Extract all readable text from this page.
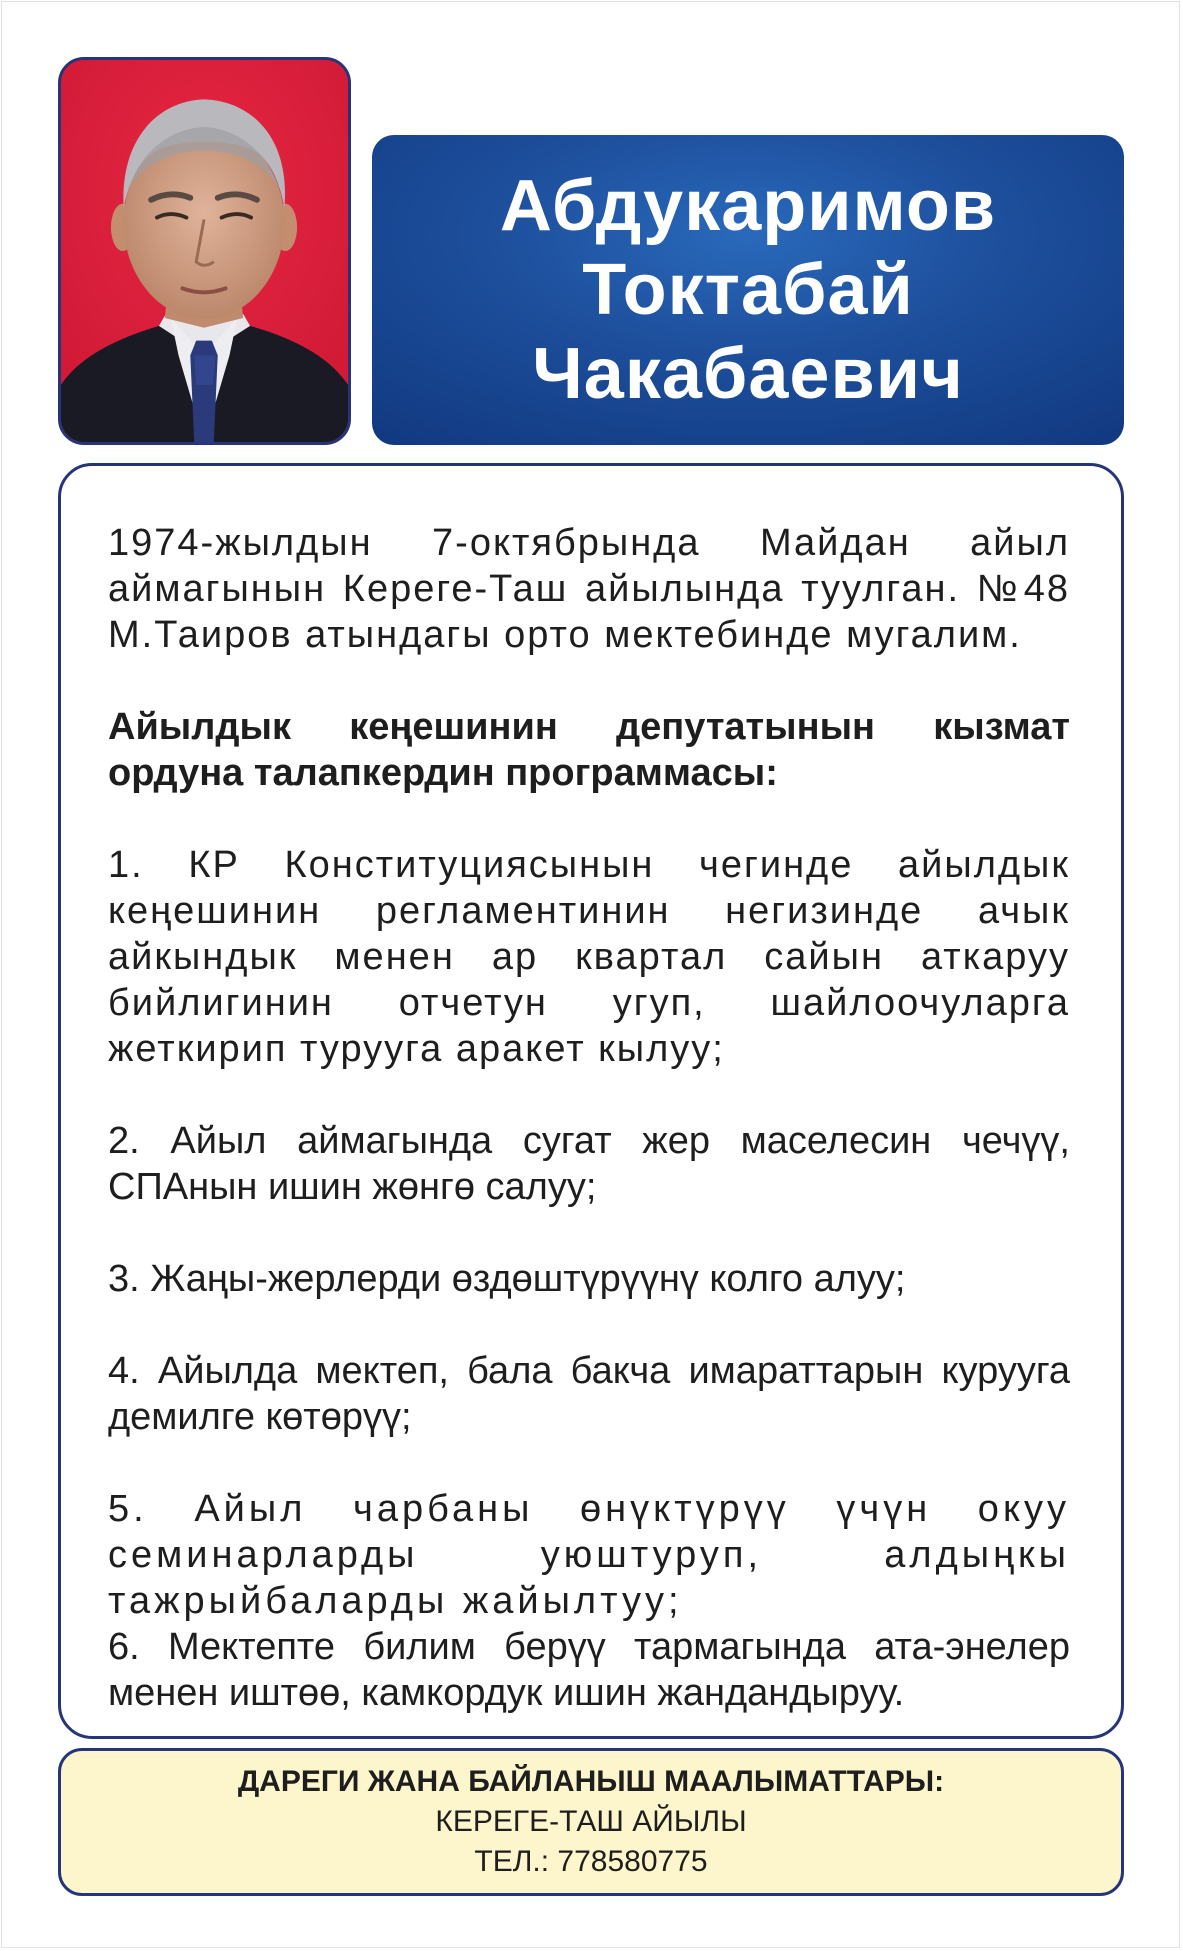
Абдукаримов
Токтабай
Чакабаевич
1974-жылдын 7-октябрында Майдан айыл аймагынын Кереге-Таш айылында туулган. №48 М.Таиров атындагы орто мектебинде мугалим.
Айылдык кеңешинин депутатынын кызмат ордуна талапкердин программасы:
1. КР Конституциясынын чегинде айылдык кеңешинин регламентинин негизинде ачык айкындык менен ар квартал сайын аткаруу бийлигинин отчетун угуп, шайлоочуларга жеткирип турууга аракет кылуу;
2. Айыл аймагында сугат жер маселесин чечүү, СПАнын ишин жөнгө салуу;
3. Жаңы-жерлерди өздөштүрүүнү колго алуу;
4. Айылда мектеп, бала бакча имараттарын курууга демилге көтөрүү;
5. Айыл чарбаны өнүктүрүү үчүн окуу семинарларды уюштуруп, алдыңкы тажрыйбаларды жайылтуу;
6. Мектепте билим берүү тармагында ата-энелер менен иштөө, камкордук ишин жандандыруу.
ДАРЕГИ ЖАНА БАЙЛАНЫШ МААЛЫМАТТАРЫ:
КЕРЕГЕ-ТАШ АЙЫЛЫ
ТЕЛ.: 778580775
